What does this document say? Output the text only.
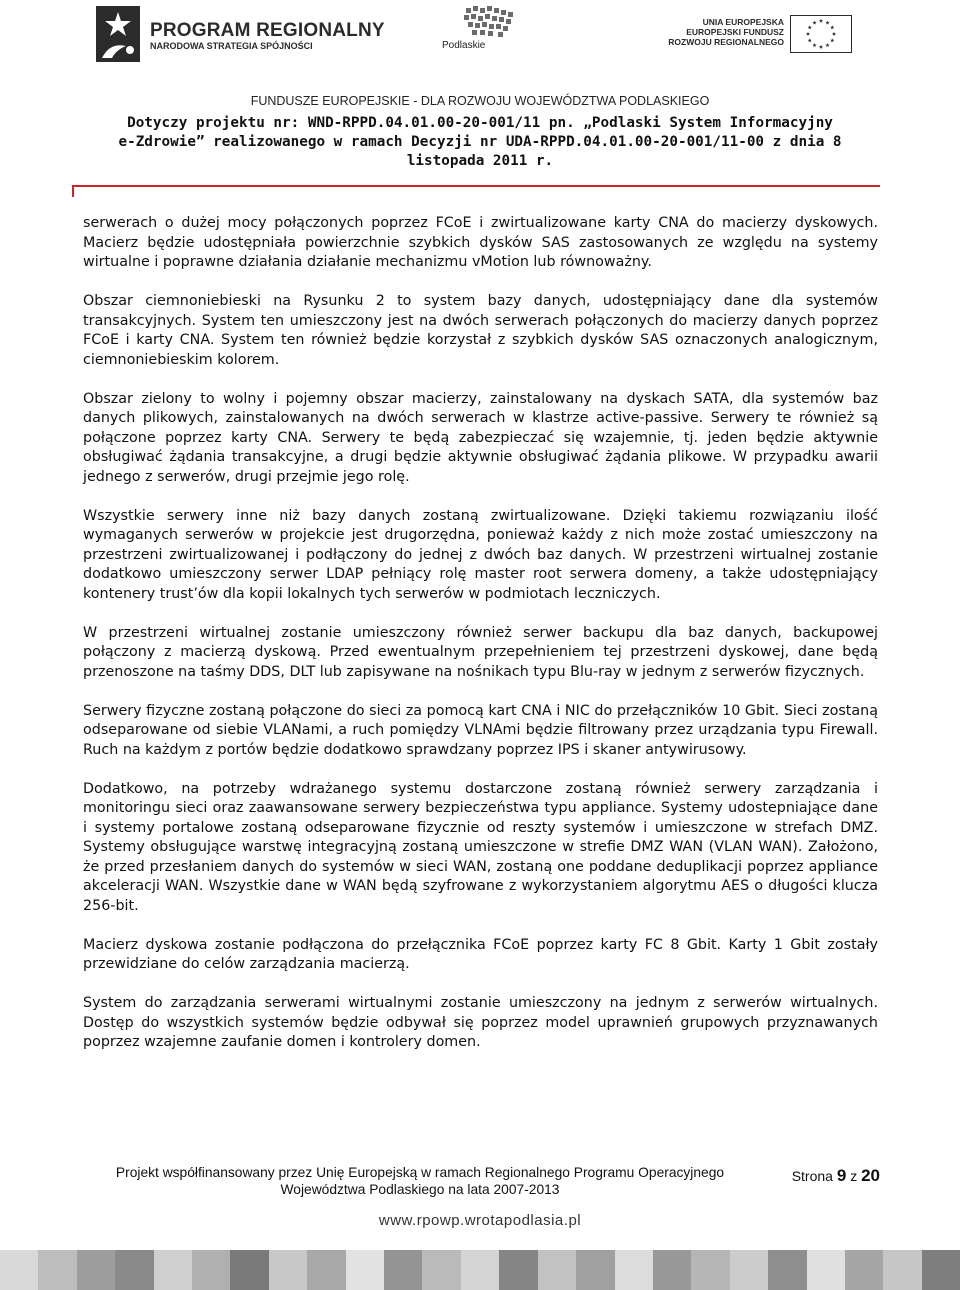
PROGRAM REGIONALNY
NARODOWA STRATEGIA SPÓJNOŚCI	Podlaskie
UNIA EUROPEJSKA
EUROPEJSKI FUNDUSZ
ROZWOJU REGIONALNEGO
FUNDUSZE EUROPEJSKIE - DLA ROZWOJU WOJEWÓDZTWA PODLASKIEGO
Dotyczy projektu nr: WND-RPPD.04.01.00-20-001/11 pn. „Podlaski System Informacyjny
e-Zdrowie” realizowanego w ramach Decyzji nr UDA-RPPD.04.01.00-20-001/11-00 z dnia 8
listopada 2011 r.

serwerach o dużej mocy połączonych poprzez FCoE i zwirtualizowane karty CNA do macierzy dyskowych. Macierz będzie udostępniała powierzchnie szybkich dysków SAS zastosowanych ze względu na systemy wirtualne i poprawne działania działanie mechanizmu vMotion lub równoważny.

Obszar ciemnoniebieski na Rysunku 2 to system bazy danych, udostępniający dane dla systemów transakcyjnych. System ten umieszczony jest na dwóch serwerach połączonych do macierzy danych poprzez FCoE i karty CNA. System ten również będzie korzystał z szybkich dysków SAS oznaczonych analogicznym, ciemnoniebieskim kolorem.

Obszar zielony to wolny i pojemny obszar macierzy, zainstalowany na dyskach SATA, dla systemów baz danych plikowych, zainstalowanych na dwóch serwerach w klastrze active-passive. Serwery te również są połączone poprzez karty CNA. Serwery te będą zabezpieczać się wzajemnie, tj. jeden będzie aktywnie obsługiwać żądania transakcyjne, a drugi będzie aktywnie obsługiwać żądania plikowe. W przypadku awarii jednego z serwerów, drugi przejmie jego rolę.

Wszystkie serwery inne niż bazy danych zostaną zwirtualizowane. Dzięki takiemu rozwiązaniu ilość wymaganych serwerów w projekcie jest drugorzędna, ponieważ każdy z nich może zostać umieszczony na przestrzeni zwirtualizowanej i podłączony do jednej z dwóch baz danych. W przestrzeni wirtualnej zostanie dodatkowo umieszczony serwer LDAP pełniący rolę master root serwera domeny, a także udostępniający kontenery trust’ów dla kopii lokalnych tych serwerów w podmiotach leczniczych.

W przestrzeni wirtualnej zostanie umieszczony również serwer backupu dla baz danych, backupowej połączony z macierzą dyskową. Przed ewentualnym przepełnieniem tej przestrzeni dyskowej, dane będą przenoszone na taśmy DDS, DLT lub zapisywane na nośnikach typu Blu-ray w jednym z serwerów fizycznych.

Serwery fizyczne zostaną połączone do sieci za pomocą kart CNA i NIC do przełączników 10 Gbit. Sieci zostaną odseparowane od siebie VLANami, a ruch pomiędzy VLNAmi będzie filtrowany przez urządzania typu Firewall. Ruch na każdym z portów będzie dodatkowo sprawdzany poprzez IPS i skaner antywirusowy.

Dodatkowo, na potrzeby wdrażanego systemu dostarczone zostaną również serwery zarządzania i monitoringu sieci oraz zaawansowane serwery bezpieczeństwa typu appliance. Systemy udostepniające dane i systemy portalowe zostaną odseparowane fizycznie od reszty systemów i umieszczone w strefach DMZ. Systemy obsługujące warstwę integracyjną zostaną umieszczone w strefie DMZ WAN (VLAN WAN). Założono, że przed przesłaniem danych do systemów w sieci WAN, zostaną one poddane deduplikacji poprzez appliance akceleracji WAN. Wszystkie dane w WAN będą szyfrowane z wykorzystaniem algorytmu AES o długości klucza 256-bit.

Macierz dyskowa zostanie podłączona do przełącznika FCoE poprzez karty FC 8 Gbit. Karty 1 Gbit zostały przewidziane do celów zarządzania macierzą.

System do zarządzania serwerami wirtualnymi zostanie umieszczony na jednym z serwerów wirtualnych. Dostęp do wszystkich systemów będzie odbywał się poprzez model uprawnień grupowych przyznawanych poprzez wzajemne zaufanie domen i kontrolery domen.

Projekt współfinansowany przez Unię Europejską w ramach Regionalnego Programu Operacyjnego
Województwa Podlaskiego na lata 2007-2013
Strona 9 z 20
www.rpowp.wrotapodlasia.pl
